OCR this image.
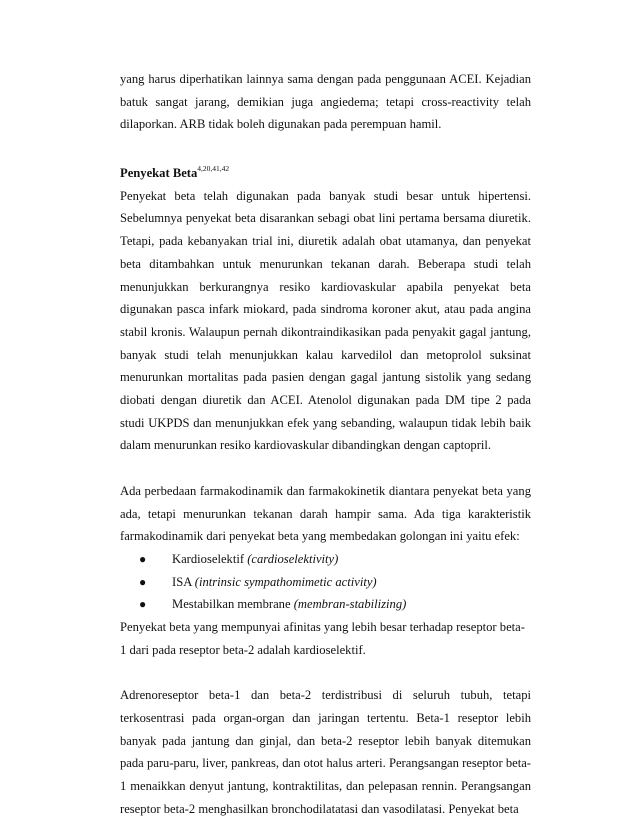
yang harus diperhatikan lainnya sama dengan pada penggunaan ACEI. Kejadian batuk sangat jarang, demikian juga angiedema; tetapi cross-reactivity telah dilaporkan. ARB tidak boleh digunakan pada perempuan hamil.

Penyekat Beta$^{4,20,41,42}$

Penyekat beta telah digunakan pada banyak studi besar untuk hipertensi. Sebelumnya penyekat beta disarankan sebagi obat lini pertama bersama diuretik. Tetapi, pada kebanyakan trial ini, diuretik adalah obat utamanya, dan penyekat beta ditambahkan untuk menurunkan tekanan darah. Beberapa studi telah menunjukkan berkurangnya resiko kardiovaskular apabila penyekat beta digunakan pasca infark miokard, pada sindroma koroner akut, atau pada angina stabil kronis. Walaupun pernah dikontraindikasikan pada penyakit gagal jantung, banyak studi telah menunjukkan kalau karvedilol dan metoprolol suksinat menurunkan mortalitas pada pasien dengan gagal jantung sistolik yang sedang diobati dengan diuretik dan ACEI. Atenolol digunakan pada DM tipe 2 pada studi UKPDS dan menunjukkan efek yang sebanding, walaupun tidak lebih baik dalam menurunkan resiko kardiovaskular dibandingkan dengan captopril.

Ada perbedaan farmakodinamik dan farmakokinetik diantara penyekat beta yang ada, tetapi menurunkan tekanan darah hampir sama. Ada tiga karakteristik farmakodinamik dari penyekat beta yang membedakan golongan ini yaitu efek:

● Kardioselektif (cardioselektivity)
● ISA (intrinsic sympathomimetic activity)
● Mestabilkan membrane (membran-stabilizing)

Penyekat beta yang mempunyai afinitas yang lebih besar terhadap reseptor beta-1 dari pada reseptor beta-2 adalah kardioselektif.

Adrenoreseptor beta-1 dan beta-2 terdistribusi di seluruh tubuh, tetapi terkosentrasi pada organ-organ dan jaringan tertentu. Beta-1 reseptor lebih banyak pada jantung dan ginjal, dan beta-2 reseptor lebih banyak ditemukan pada paru-paru, liver, pankreas, dan otot halus arteri. Perangsangan reseptor beta-1 menaikkan denyut jantung, kontraktilitas, dan pelepasan rennin. Perangsangan reseptor beta-2 menghasilkan bronchodilatatasi dan vasodilatasi. Penyekat beta
